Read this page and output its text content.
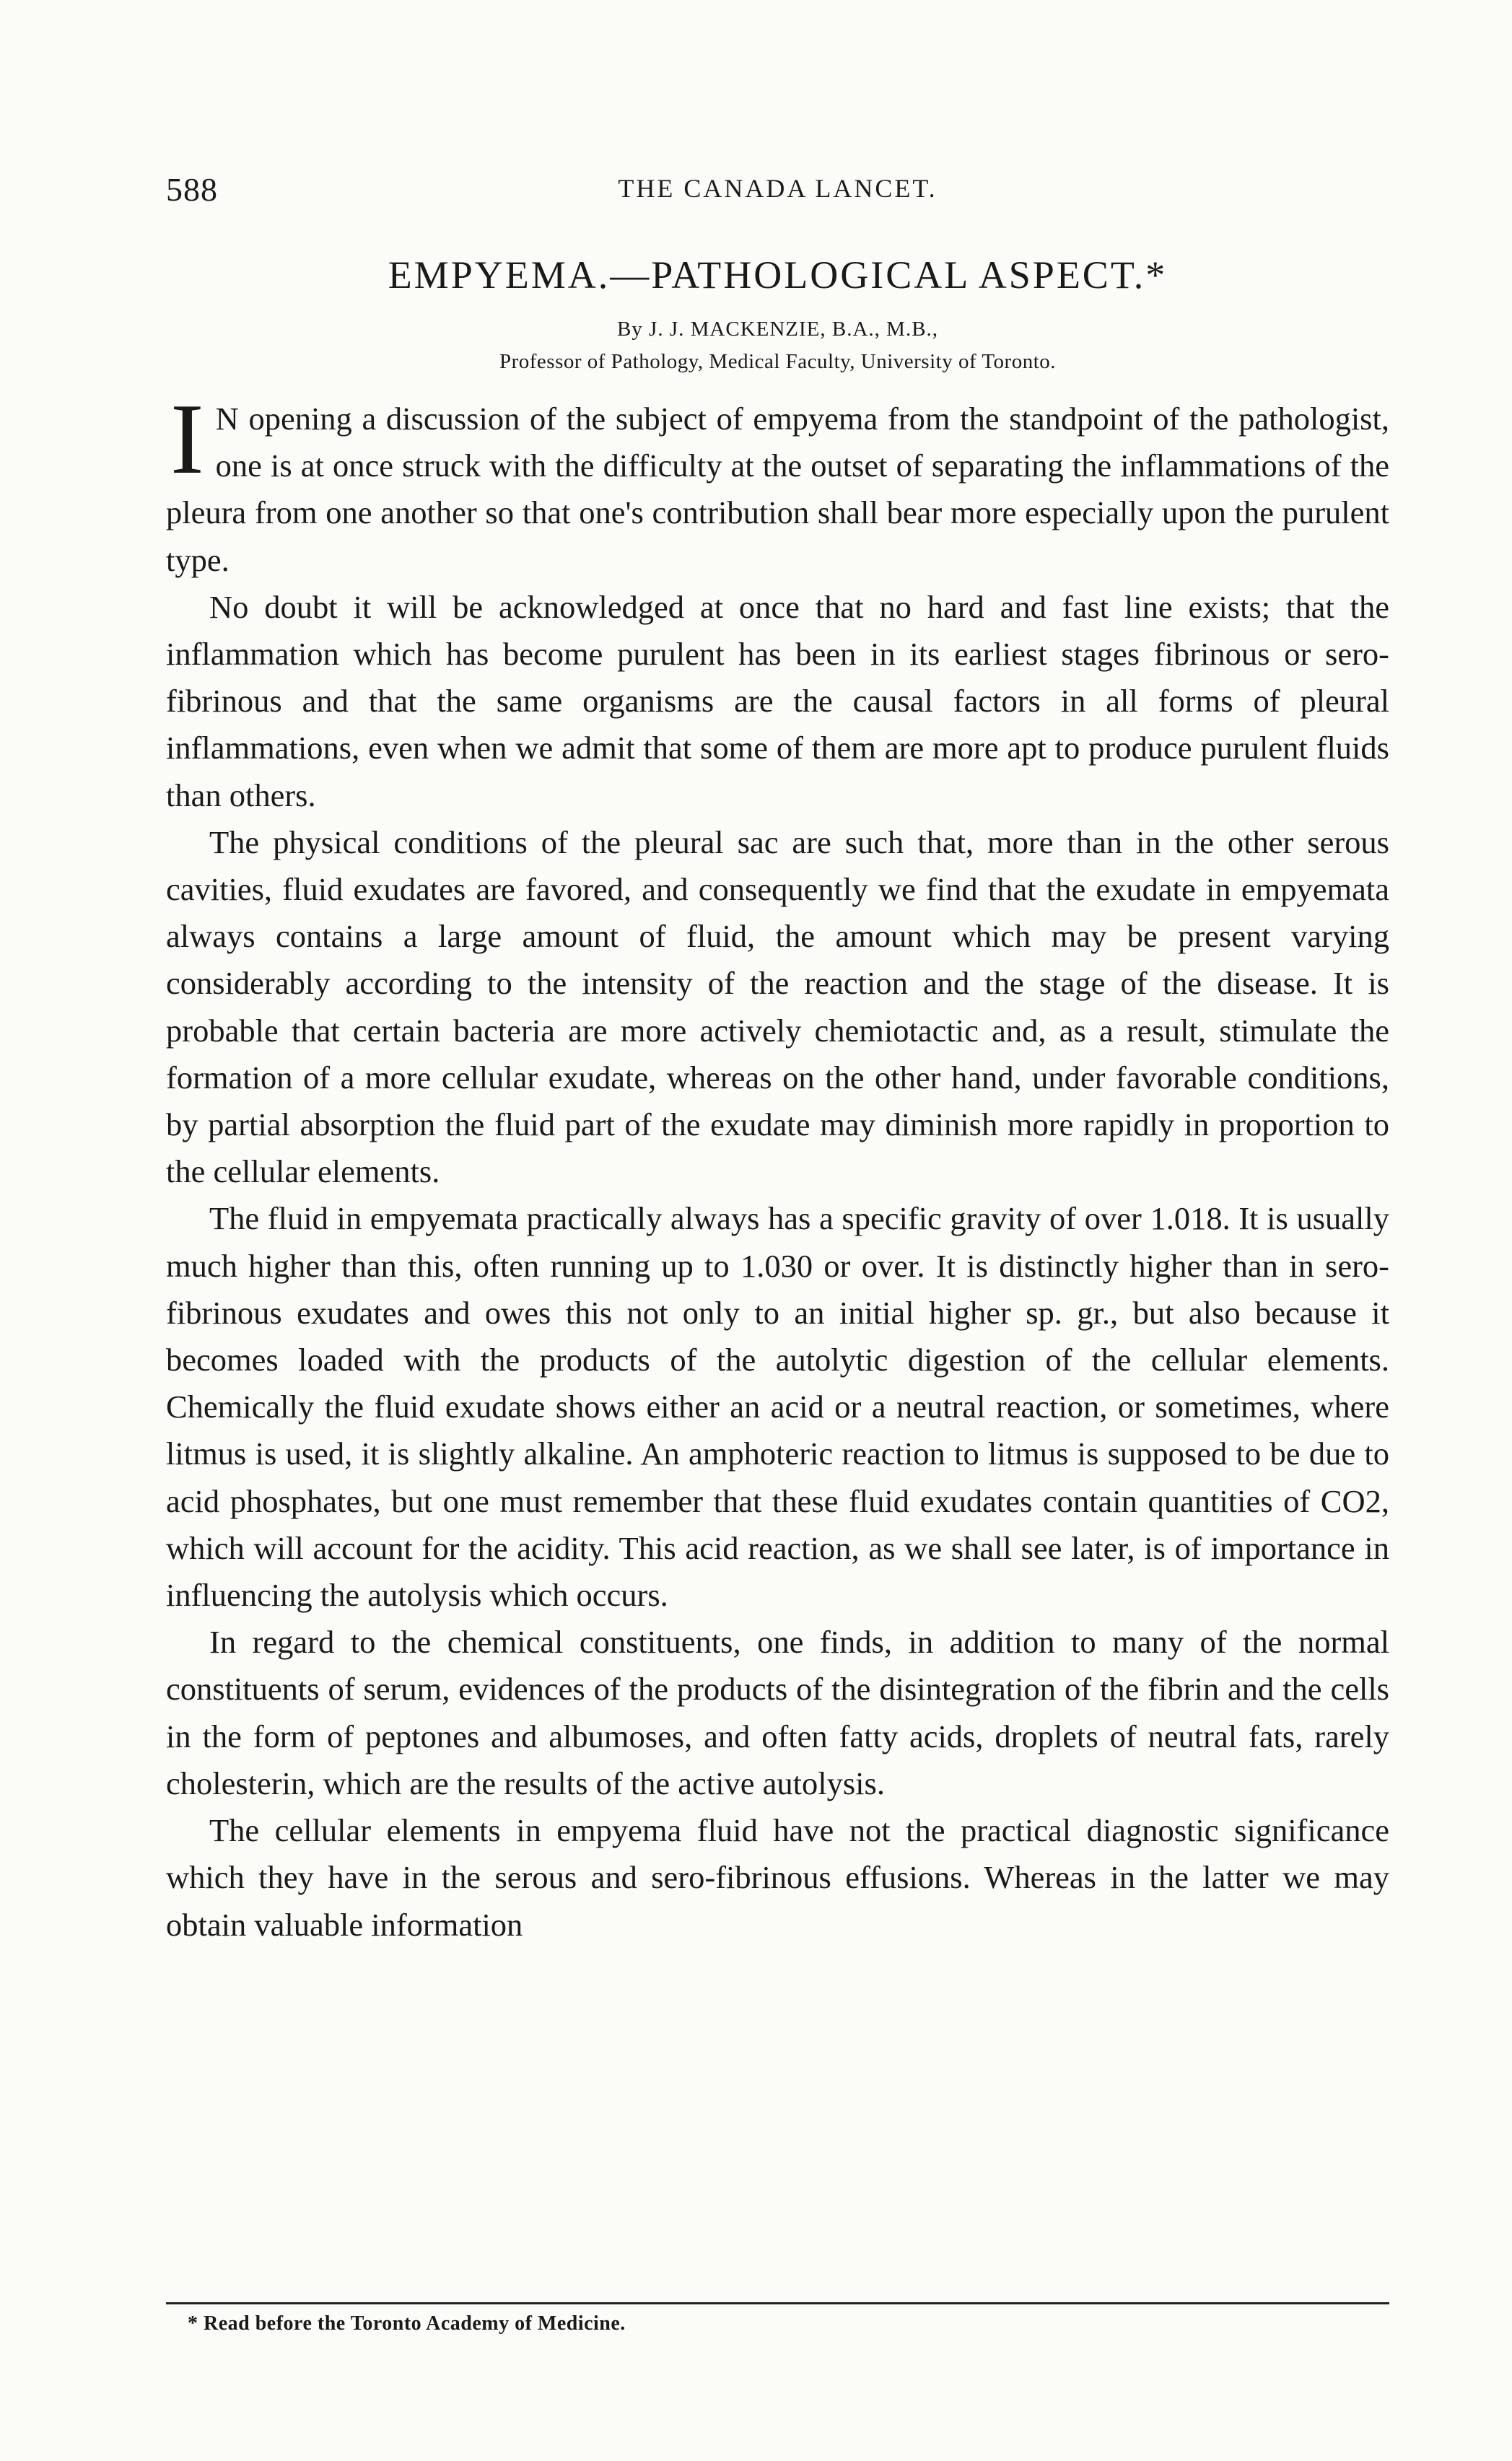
588	THE CANADA LANCET.
EMPYEMA.—PATHOLOGICAL ASPECT.*
By J. J. MACKENZIE, B.A., M.B.,
Professor of Pathology, Medical Faculty, University of Toronto.

I N opening a discussion of the subject of empyema from the standpoint of the pathologist, one is at once struck with the difficulty at the outset of separating the inflammations of the pleura from one another so that one's contribution shall bear more especially upon the purulent type.

No doubt it will be acknowledged at once that no hard and fast line exists; that the inflammation which has become purulent has been in its earliest stages fibrinous or sero-fibrinous and that the same organisms are the causal factors in all forms of pleural inflammations, even when we admit that some of them are more apt to produce purulent fluids than others.

The physical conditions of the pleural sac are such that, more than in the other serous cavities, fluid exudates are favored, and consequently we find that the exudate in empyemata always contains a large amount of fluid, the amount which may be present varying considerably according to the intensity of the reaction and the stage of the disease. It is probable that certain bacteria are more actively chemiotactic and, as a result, stimulate the formation of a more cellular exudate, whereas on the other hand, under favorable conditions, by partial absorption the fluid part of the exudate may diminish more rapidly in proportion to the cellular elements.

The fluid in empyemata practically always has a specific gravity of over 1.018. It is usually much higher than this, often running up to 1.030 or over. It is distinctly higher than in sero-fibrinous exudates and owes this not only to an initial higher sp. gr., but also because it becomes loaded with the products of the autolytic digestion of the cellular elements. Chemically the fluid exudate shows either an acid or a neutral reaction, or sometimes, where litmus is used, it is slightly alkaline. An amphoteric reaction to litmus is supposed to be due to acid phosphates, but one must remember that these fluid exudates contain quantities of CO2, which will account for the acidity. This acid reaction, as we shall see later, is of importance in influencing the autolysis which occurs.

In regard to the chemical constituents, one finds, in addition to many of the normal constituents of serum, evidences of the products of the disintegration of the fibrin and the cells in the form of peptones and albumoses, and often fatty acids, droplets of neutral fats, rarely cholesterin, which are the results of the active autolysis.

The cellular elements in empyema fluid have not the practical diagnostic significance which they have in the serous and sero-fibrinous effusions. Whereas in the latter we may obtain valuable information

* Read before the Toronto Academy of Medicine.
